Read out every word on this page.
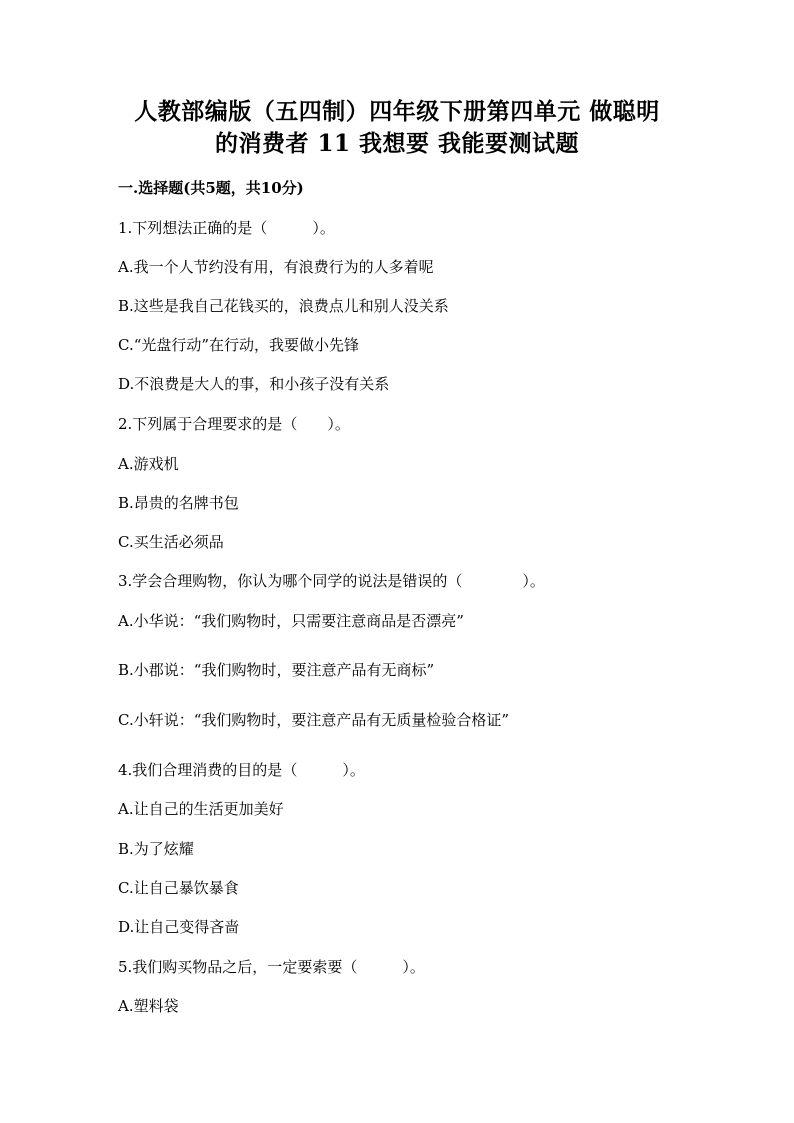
人教部编版（五四制）四年级下册第四单元 做聪明
的消费者 11 我想要 我能要测试题
一.选择题(共5题，共10分)
1.下列想法正确的是（　　　）。
A.我一个人节约没有用，有浪费行为的人多着呢
B.这些是我自己花钱买的，浪费点儿和别人没关系
C.“光盘行动”在行动，我要做小先锋
D.不浪费是大人的事，和小孩子没有关系
2.下列属于合理要求的是（　　）。
A.游戏机
B.昂贵的名牌书包
C.买生活必须品
3.学会合理购物，你认为哪个同学的说法是错误的（　　　　）。
A.小华说：“我们购物时，只需要注意商品是否漂亮”
B.小郡说：“我们购物时，要注意产品有无商标”
C.小轩说：“我们购物时，要注意产品有无质量检验合格证”
4.我们合理消费的目的是（　　　）。
A.让自己的生活更加美好
B.为了炫耀
C.让自己暴饮暴食
D.让自己变得吝啬
5.我们购买物品之后，一定要索要（　　　）。
A.塑料袋
